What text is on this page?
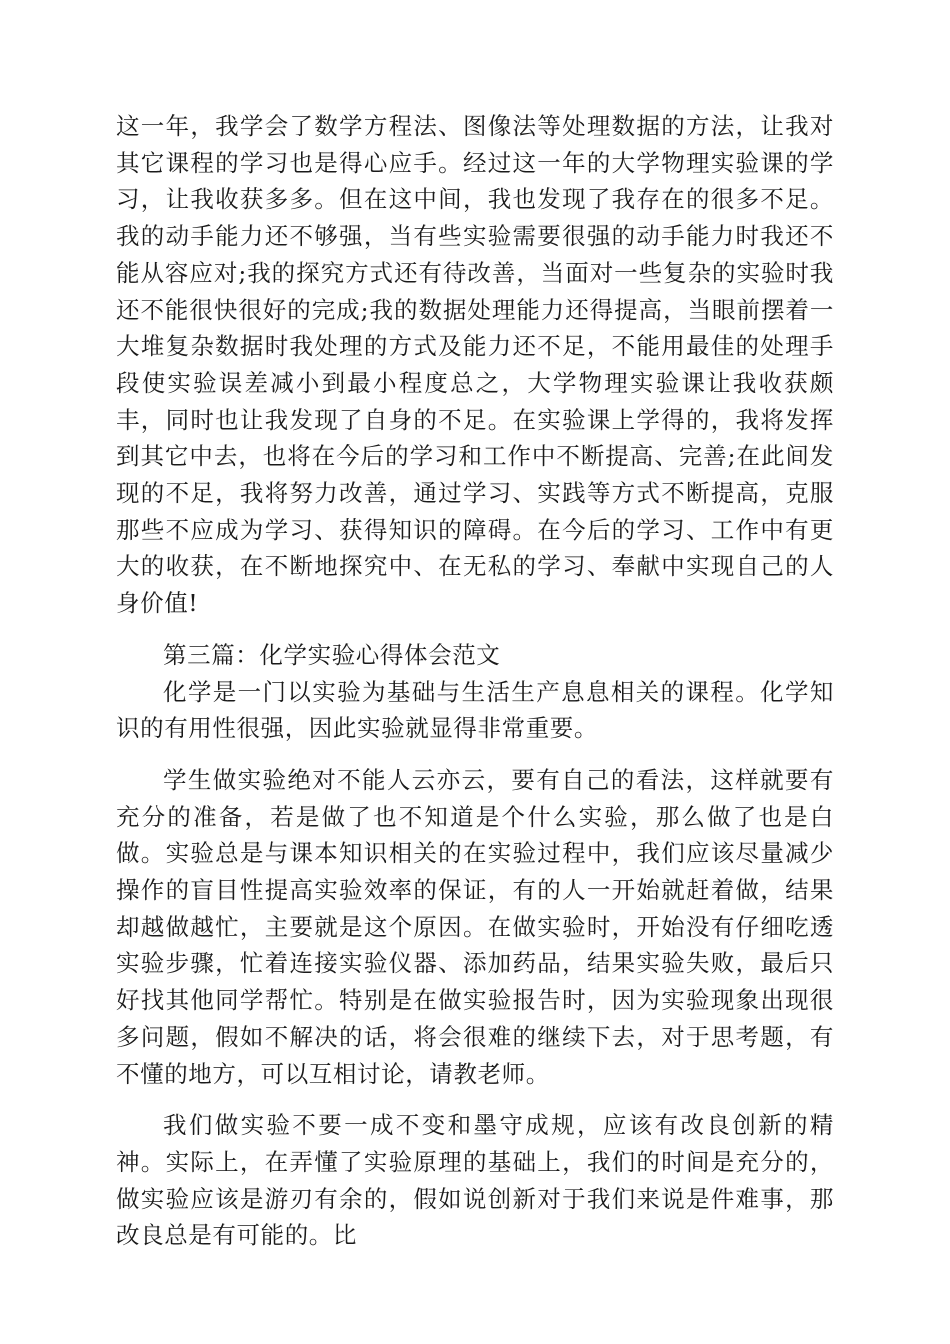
这一年，我学会了数学方程法、图像法等处理数据的方法，让我对其它课程的学习也是得心应手。经过这一年的大学物理实验课的学习，让我收获多多。但在这中间，我也发现了我存在的很多不足。我的动手能力还不够强，当有些实验需要很强的动手能力时我还不能从容应对;我的探究方式还有待改善，当面对一些复杂的实验时我还不能很快很好的完成;我的数据处理能力还得提高，当眼前摆着一大堆复杂数据时我处理的方式及能力还不足，不能用最佳的处理手段使实验误差减小到最小程度总之，大学物理实验课让我收获颇丰，同时也让我发现了自身的不足。在实验课上学得的，我将发挥到其它中去，也将在今后的学习和工作中不断提高、完善;在此间发现的不足，我将努力改善，通过学习、实践等方式不断提高，克服那些不应成为学习、获得知识的障碍。在今后的学习、工作中有更大的收获，在不断地探究中、在无私的学习、奉献中实现自己的人身价值!

第三篇：化学实验心得体会范文

化学是一门以实验为基础与生活生产息息相关的课程。化学知识的有用性很强，因此实验就显得非常重要。

学生做实验绝对不能人云亦云，要有自己的看法，这样就要有充分的准备，若是做了也不知道是个什么实验，那么做了也是白做。实验总是与课本知识相关的在实验过程中，我们应该尽量减少操作的盲目性提高实验效率的保证，有的人一开始就赶着做，结果却越做越忙，主要就是这个原因。在做实验时，开始没有仔细吃透实验步骤，忙着连接实验仪器、添加药品，结果实验失败，最后只好找其他同学帮忙。特别是在做实验报告时，因为实验现象出现很多问题，假如不解决的话，将会很难的继续下去，对于思考题，有不懂的地方，可以互相讨论，请教老师。

我们做实验不要一成不变和墨守成规，应该有改良创新的精神。实际上，在弄懂了实验原理的基础上，我们的时间是充分的，做实验应该是游刃有余的，假如说创新对于我们来说是件难事，那改良总是有可能的。比
